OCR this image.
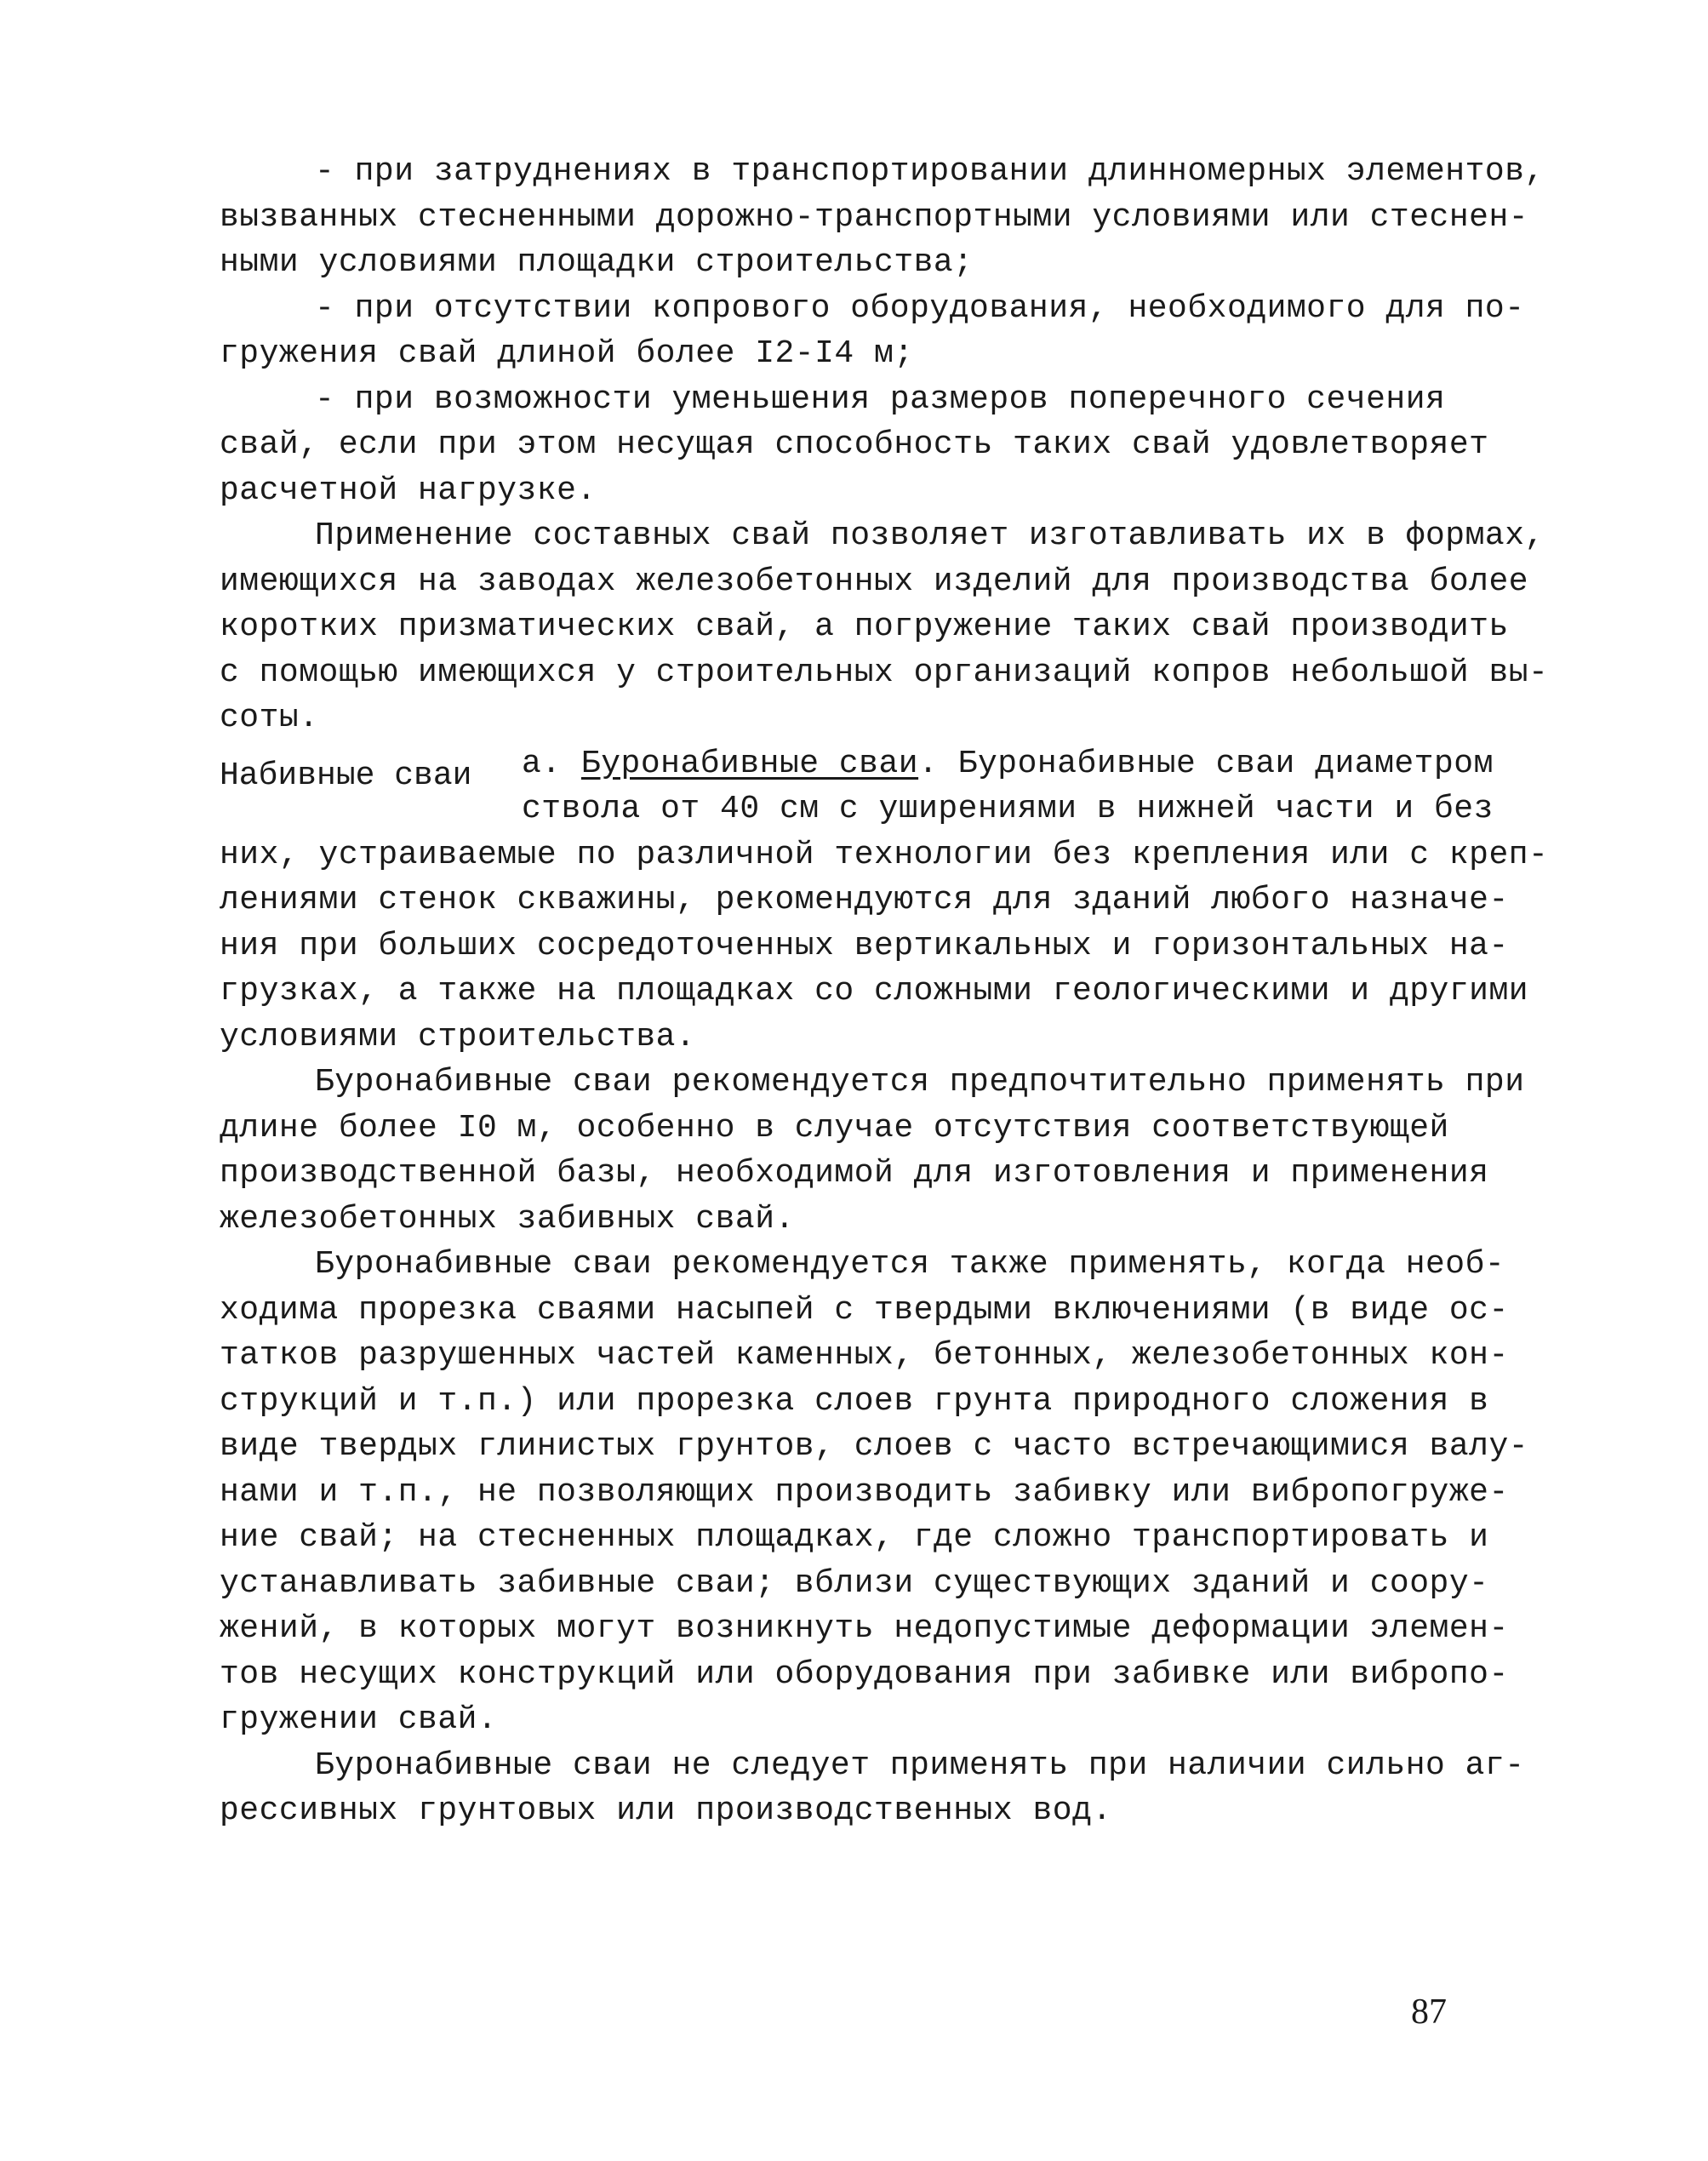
- при затруднениях в транспортировании длинномерных элементов,
вызванных стесненными дорожно-транспортными условиями или стеснен-
ными условиями площадки строительства;
- при отсутствии копрового оборудования, необходимого для по-
гружения свай длиной более I2-I4 м;
- при возможности уменьшения размеров поперечного сечения
свай, если при этом несущая способность таких свай удовлетворяет
расчетной нагрузке.
Применение составных свай позволяет изготавливать их в формах,
имеющихся на заводах железобетонных изделий для производства более
коротких призматических свай, а погружение таких свай производить
с помощью имеющихся у строительных организаций копров небольшой вы-
соты.
Набивные сваи а. Буронабивные сваи. Буронабивные сваи диаметром
ствола от 40 см с уширениями в нижней части и без
них, устраиваемые по различной технологии без крепления или с креп-
лениями стенок скважины, рекомендуются для зданий любого назначе-
ния при больших сосредоточенных вертикальных и горизонтальных на-
грузках, а также на площадках со сложными геологическими и другими
условиями строительства.
Буронабивные сваи рекомендуется предпочтительно применять при
длине более I0 м, особенно в случае отсутствия соответствующей
производственной базы, необходимой для изготовления и применения
железобетонных забивных свай.
Буронабивные сваи рекомендуется также применять, когда необ-
ходима прорезка сваями насыпей с твердыми включениями (в виде ос-
татков разрушенных частей каменных, бетонных, железобетонных кон-
струкций и т.п.) или прорезка слоев грунта природного сложения в
виде твердых глинистых грунтов, слоев с часто встречающимися валу-
нами и т.п., не позволяющих производить забивку или вибропогруже-
ние свай; на стесненных площадках, где сложно транспортировать и
устанавливать забивные сваи; вблизи существующих зданий и соору-
жений, в которых могут возникнуть недопустимые деформации элемен-
тов несущих конструкций или оборудования при забивке или вибропо-
гружении свай.
Буронабивные сваи не следует применять при наличии сильно аг-
рессивных грунтовых или производственных вод.
87
